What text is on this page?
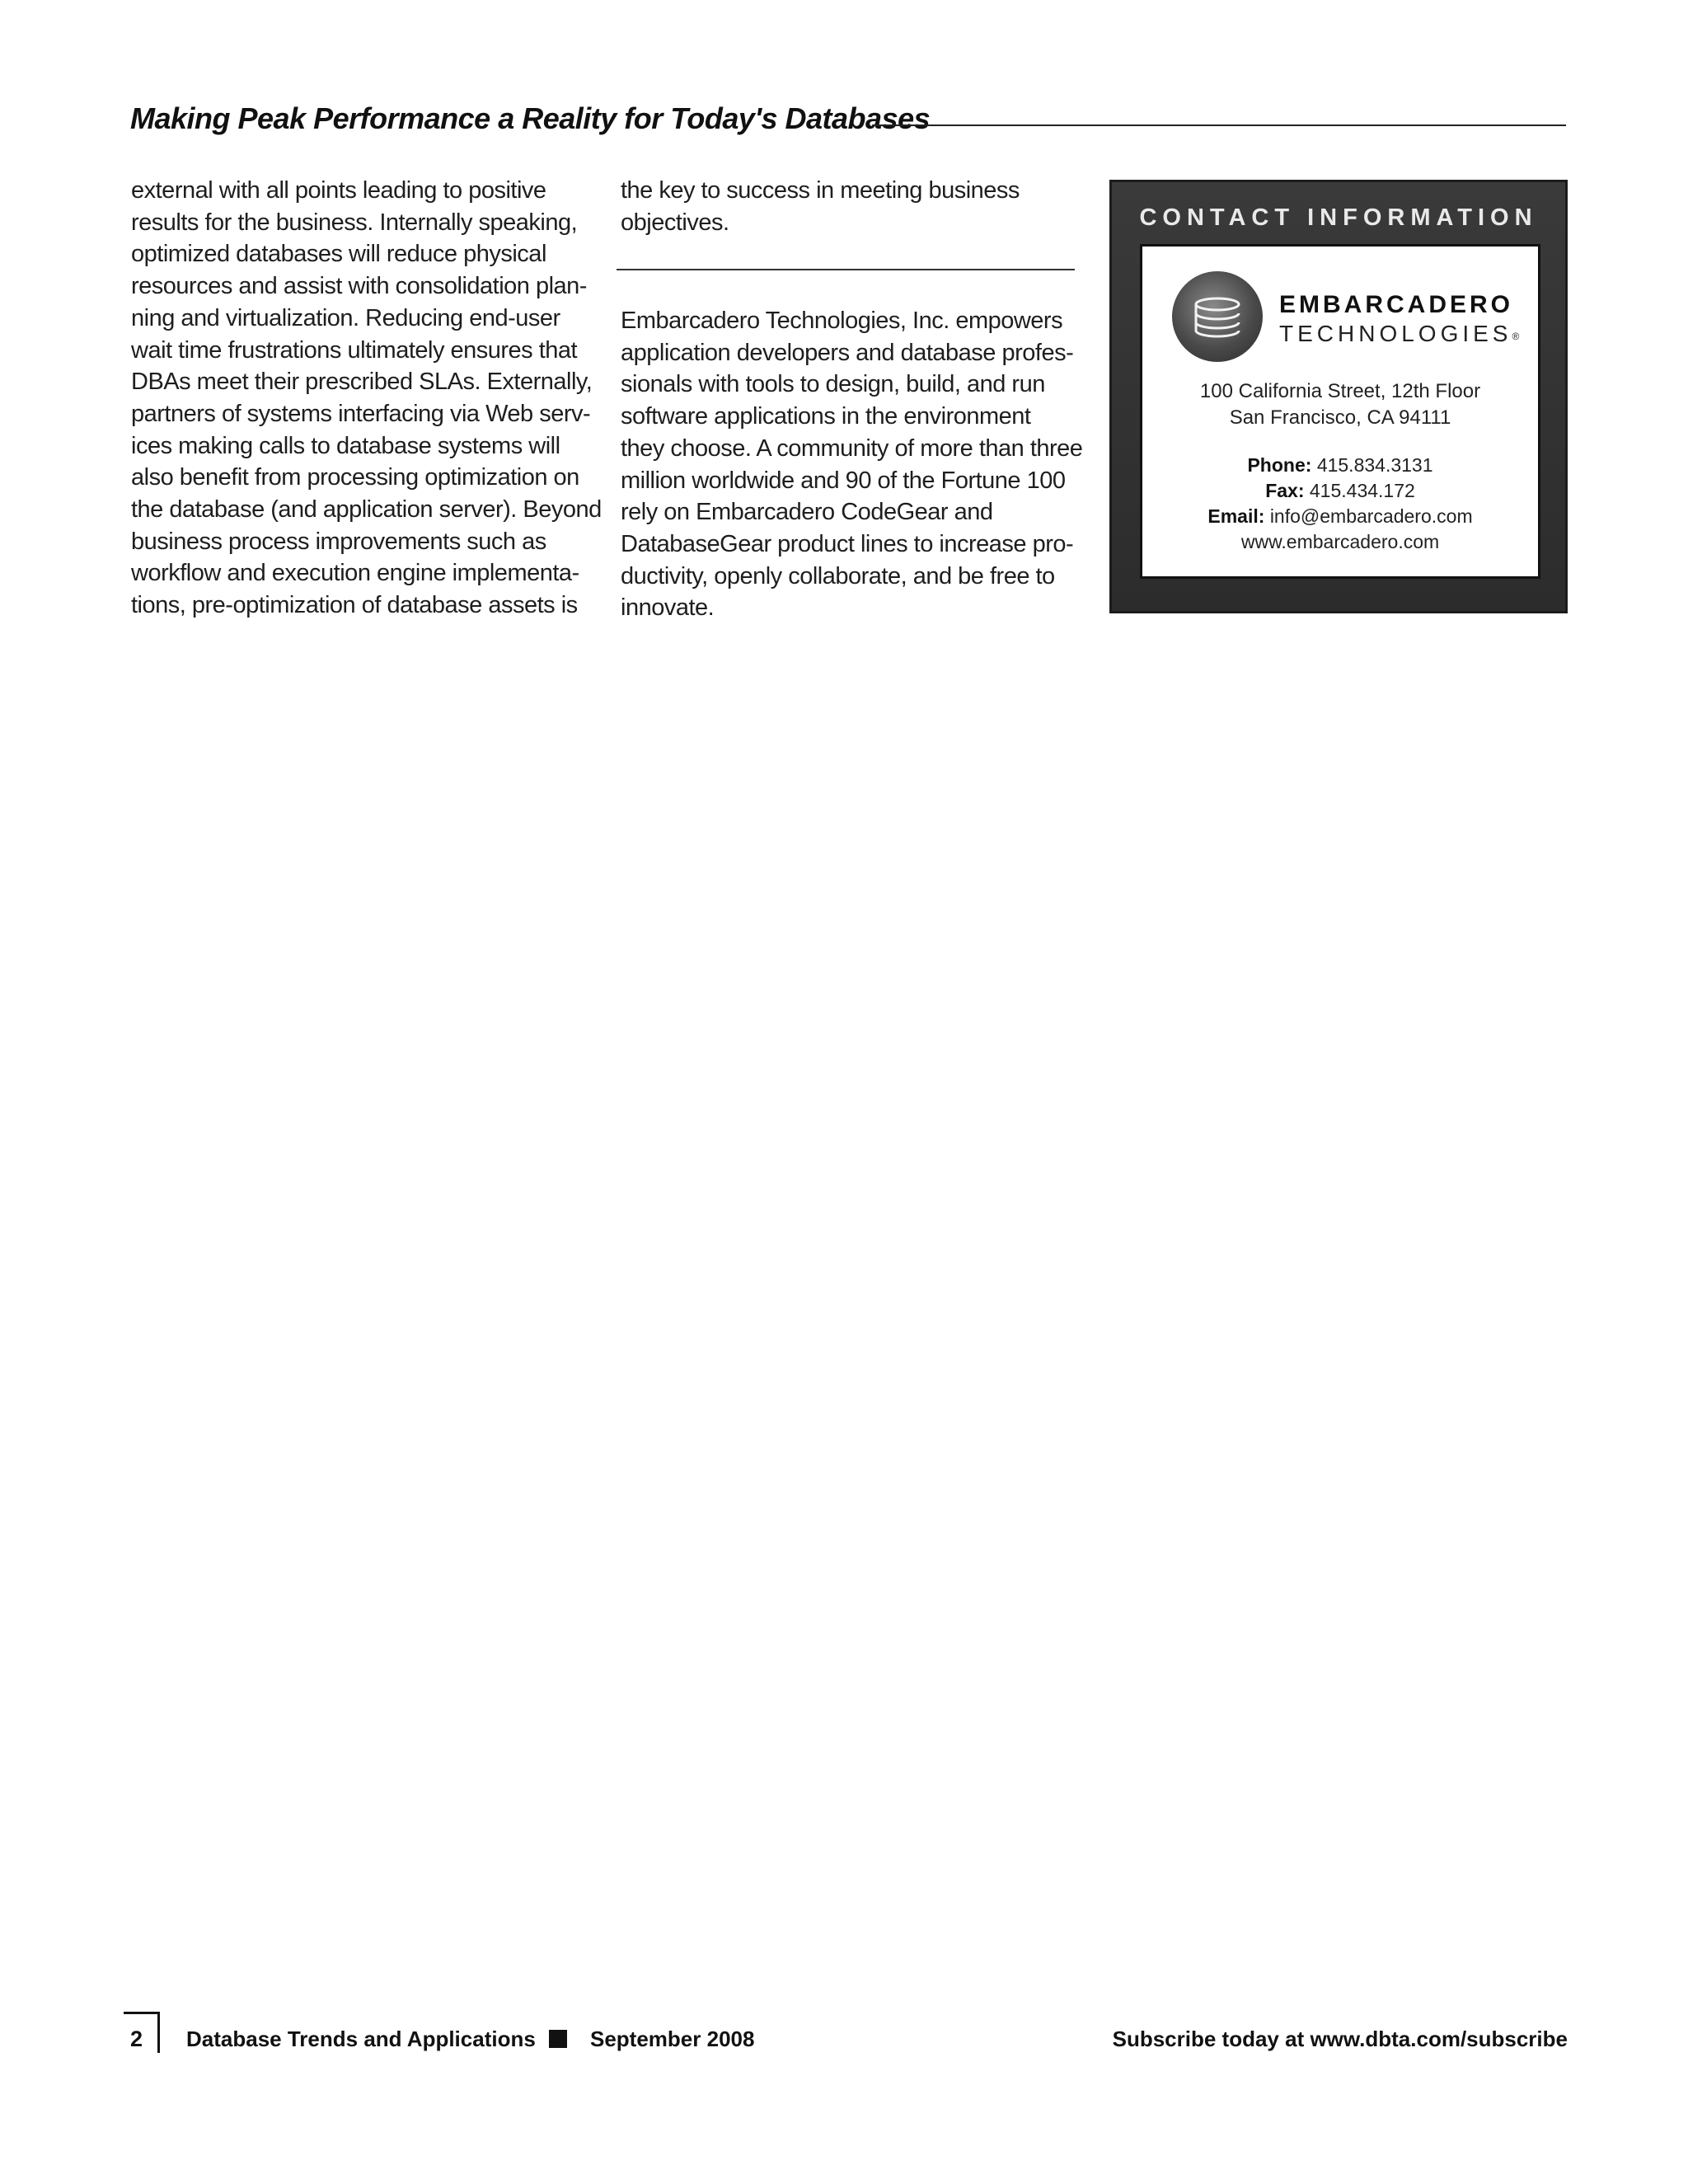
Making Peak Performance a Reality for Today's Databases

external with all points leading to positive

results for the business. Internally speaking,

optimized databases will reduce physical

resources and assist with consolidation plan-

ning and virtualization. Reducing end-user

wait time frustrations ultimately ensures that

DBAs meet their prescribed SLAs. Externally,

partners of systems interfacing via Web serv-

ices making calls to database systems will

also benefit from processing optimization on

the database (and application server). Beyond

business process improvements such as

workflow and execution engine implementa-

tions, pre-optimization of database assets is

the key to success in meeting business

objectives.

Embarcadero Technologies, Inc. empowers

application developers and database profes-

sionals with tools to design, build, and run

software applications in the environment

they choose. A community of more than three

million worldwide and 90 of the Fortune 100

rely on Embarcadero CodeGear and

DatabaseGear product lines to increase pro-

ductivity, openly collaborate, and be free to

innovate.

CONTACT INFORMATION
EMBARCADERO
TECHNOLOGIES®
100 California Street, 12th Floor
San Francisco, CA 94111
Phone: 415.834.3131
Fax: 415.434.172
Email: info@embarcadero.com
www.embarcadero.com
2 Database Trends and Applications	September 2008	Subscribe today at www.dbta.com/subscribe
